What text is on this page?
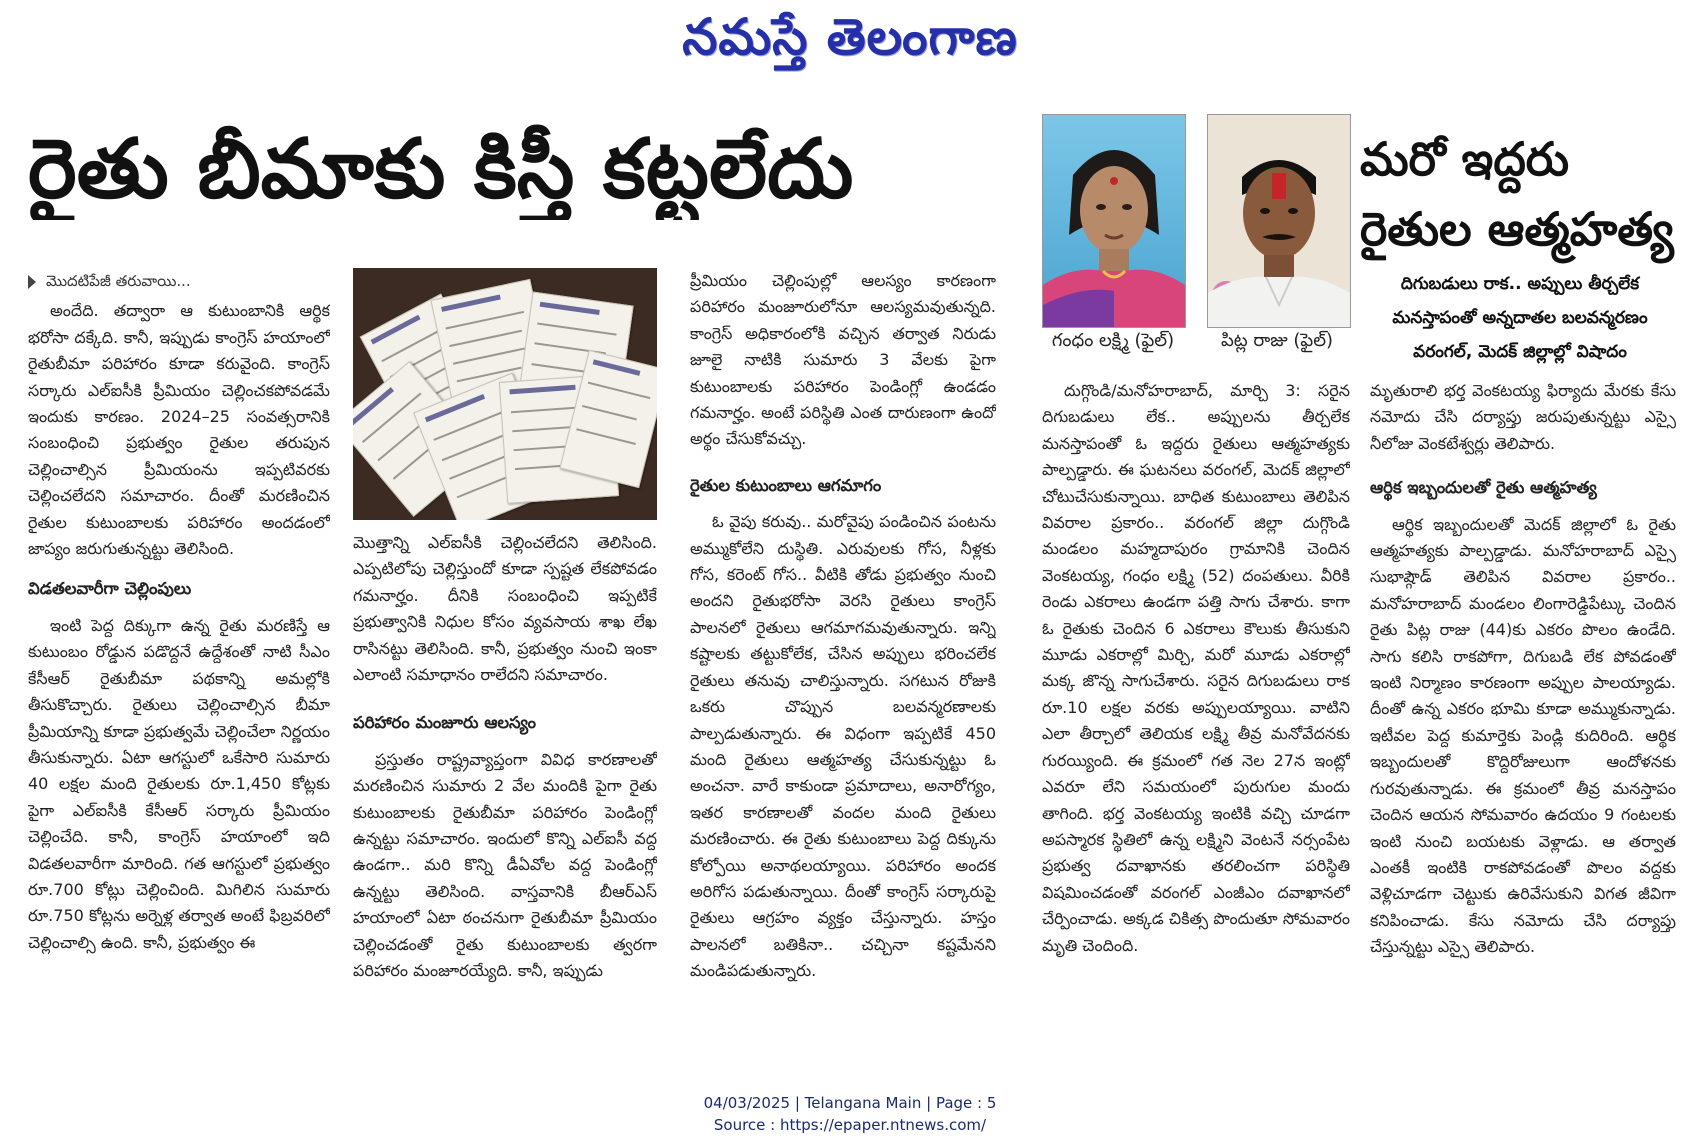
నమస్తే తెలంగాణ
రైతు బీమాకు కిస్తీ కట్టలేదు
మొదటిపేజీ తరువాయి...

అందేది. తద్వారా ఆ కుటుంబానికి ఆర్థిక భరోసా దక్కేది. కానీ, ఇప్పుడు కాంగ్రెస్ హయాంలో రైతుబీమా పరిహారం కూడా కరువైంది. కాంగ్రెస్ సర్కారు ఎల్ఐసీకి ప్రీమియం చెల్లించకపోవడమే ఇందుకు కారణం. 2024–25 సంవత్సరానికి సంబంధించి ప్రభుత్వం రైతుల తరుపున చెల్లించాల్సిన ప్రీమియంను ఇప్పటివరకు చెల్లించలేదని సమాచారం. దీంతో మరణించిన రైతుల కుటుంబాలకు పరిహారం అందడంలో జాప్యం జరుగుతున్నట్టు తెలిసింది.

విడతలవారీగా చెల్లింపులు

ఇంటి పెద్ద దిక్కుగా ఉన్న రైతు మరణిస్తే ఆ కుటుంబం రోడ్డున పడొద్దనే ఉద్దేశంతో నాటి సీఎం కేసీఆర్ రైతుబీమా పథకాన్ని అమల్లోకి తీసుకొచ్చారు. రైతులు చెల్లించాల్సిన బీమా ప్రీమియాన్ని కూడా ప్రభుత్వమే చెల్లించేలా నిర్ణయం తీసుకున్నారు. ఏటా ఆగస్టులో ఒకేసారి సుమారు 40 లక్షల మంది రైతులకు రూ.1,450 కోట్లకు పైగా ఎల్ఐసీకి కేసీఆర్ సర్కారు ప్రీమియం చెల్లించేది. కానీ, కాంగ్రెస్ హయాంలో ఇది విడతలవారీగా మారింది. గత ఆగస్టులో ప్రభుత్వం రూ.700 కోట్లు చెల్లించింది. మిగిలిన సుమారు రూ.750 కోట్లను అర్నెళ్ల తర్వాత అంటే ఫిబ్రవరిలో చెల్లించాల్సి ఉంది. కానీ, ప్రభుత్వం ఈ

మొత్తాన్ని ఎల్ఐసీకి చెల్లించలేదని తెలిసింది. ఎప్పటిలోపు చెల్లిస్తుందో కూడా స్పష్టత లేకపోవడం గమనార్హం. దీనికి సంబంధించి ఇప్పటికే ప్రభుత్వానికి నిధుల కోసం వ్యవసాయ శాఖ లేఖ రాసినట్టు తెలిసింది. కానీ, ప్రభుత్వం నుంచి ఇంకా ఎలాంటి సమాధానం రాలేదని సమాచారం.

పరిహారం మంజూరు ఆలస్యం

ప్రస్తుతం రాష్ట్రవ్యాప్తంగా వివిధ కారణాలతో మరణించిన సుమారు 2 వేల మందికి పైగా రైతు కుటుంబాలకు రైతుబీమా పరిహారం పెండింగ్లో ఉన్నట్టు సమాచారం. ఇందులో కొన్ని ఎల్ఐసీ వద్ద ఉండగా.. మరి కొన్ని డీఏవోల వద్ద పెండింగ్లో ఉన్నట్టు తెలిసింది. వాస్తవానికి బీఆర్ఎస్ హయాంలో ఏటా ఠంచనుగా రైతుబీమా ప్రీమియం చెల్లించడంతో రైతు కుటుంబాలకు త్వరగా పరిహారం మంజూరయ్యేది. కానీ, ఇప్పుడు

ప్రీమియం చెల్లింపుల్లో ఆలస్యం కారణంగా పరిహారం మంజూరులోనూ ఆలస్యమవుతున్నది. కాంగ్రెస్ అధికారంలోకి వచ్చిన తర్వాత నిరుడు జూలై నాటికి సుమారు 3 వేలకు పైగా కుటుంబాలకు పరిహారం పెండింగ్లో ఉండడం గమనార్హం. అంటే పరిస్థితి ఎంత దారుణంగా ఉందో అర్థం చేసుకోవచ్చు.

రైతుల కుటుంబాలు ఆగమాగం

ఓ వైపు కరువు.. మరోవైపు పండించిన పంటను అమ్ముకోలేని దుస్థితి. ఎరువులకు గోస, నీళ్లకు గోస, కరెంట్ గోస.. వీటికి తోడు ప్రభుత్వం నుంచి అందని రైతుభరోసా వెరసి రైతులు కాంగ్రెస్ పాలనలో రైతులు ఆగమాగమవుతున్నారు. ఇన్ని కష్టాలకు తట్టుకోలేక, చేసిన అప్పులు భరించలేక రైతులు తనువు చాలిస్తున్నారు. సగటున రోజుకి ఒకరు చొప్పున బలవన్మరణాలకు పాల్పడుతున్నారు. ఈ విధంగా ఇప్పటికే 450 మంది రైతులు ఆత్మహత్య చేసుకున్నట్టు ఓ అంచనా. వారే కాకుండా ప్రమాదాలు, అనారోగ్యం, ఇతర కారణాలతో వందల మంది రైతులు మరణించారు. ఈ రైతు కుటుంబాలు పెద్ద దిక్కును కోల్పోయి అనాథలయ్యాయి. పరిహారం అందక అరిగోస పడుతున్నాయి. దీంతో కాంగ్రెస్ సర్కారుపై రైతులు ఆగ్రహం వ్యక్తం చేస్తున్నారు. హస్తం పాలనలో బతికినా.. చచ్చినా కష్టమేనని మండిపడుతున్నారు.

గంధం లక్ష్మి (ఫైల్)	పిట్ల రాజు (ఫైల్)
మరో ఇద్దరు
రైతుల ఆత్మహత్య
దిగుబడులు రాక.. అప్పులు తీర్చలేక
మనస్తాపంతో అన్నదాతల బలవన్మరణం
వరంగల్, మెదక్ జిల్లాల్లో విషాదం

దుగ్గొండి/మనోహరాబాద్, మార్చి 3: సరైన దిగుబడులు లేక.. అప్పులను తీర్చలేక మనస్తాపంతో ఓ ఇద్దరు రైతులు ఆత్మహత్యకు పాల్పడ్డారు. ఈ ఘటనలు వరంగల్, మెదక్ జిల్లాలో చోటుచేసుకున్నాయి. బాధిత కుటుంబాలు తెలిపిన వివరాల ప్రకారం.. వరంగల్ జిల్లా దుగ్గొండి మండలం మహ్మదాపురం గ్రామానికి చెందిన వెంకటయ్య, గంధం లక్ష్మి (52) దంపతులు. వీరికి రెండు ఎకరాలు ఉండగా పత్తి సాగు చేశారు. కాగా ఓ రైతుకు చెందిన 6 ఎకరాలు కౌలుకు తీసుకుని మూడు ఎకరాల్లో మిర్చి, మరో మూడు ఎకరాల్లో మక్క జొన్న సాగుచేశారు. సరైన దిగుబడులు రాక రూ.10 లక్షల వరకు అప్పులయ్యాయి. వాటిని ఎలా తీర్చాలో తెలియక లక్ష్మి తీవ్ర మనోవేదనకు గురయ్యింది. ఈ క్రమంలో గత నెల 27న ఇంట్లో ఎవరూ లేని సమయంలో పురుగుల మందు తాగింది. భర్త వెంకటయ్య ఇంటికి వచ్చి చూడగా అపస్మారక స్థితిలో ఉన్న లక్ష్మిని వెంటనే నర్సంపేట ప్రభుత్వ దవాఖానకు తరలించగా పరిస్థితి విషమించడంతో వరంగల్ ఎంజీఎం దవాఖానలో చేర్పించాడు. అక్కడ చికిత్స పొందుతూ సోమవారం మృతి చెందింది.

మృతురాలి భర్త వెంకటయ్య ఫిర్యాదు మేరకు కేసు నమోదు చేసి దర్యాప్తు జరుపుతున్నట్టు ఎస్సై నీలోజు వెంకటేశ్వర్లు తెలిపారు.

ఆర్థిక ఇబ్బందులతో రైతు ఆత్మహత్య

ఆర్థిక ఇబ్బందులతో మెదక్ జిల్లాలో ఓ రైతు ఆత్మహత్యకు పాల్పడ్డాడు. మనోహరాబాద్ ఎస్సై సుభాష్గౌడ్ తెలిపిన వివరాల ప్రకారం.. మనోహరాబాద్ మండలం లింగారెడ్డిపేట్కు చెందిన రైతు పిట్ల రాజు (44)కు ఎకరం పొలం ఉండేది. సాగు కలిసి రాకపోగా, దిగుబడి లేక పోవడంతో ఇంటి నిర్మాణం కారణంగా అప్పుల పాలయ్యాడు. దీంతో ఉన్న ఎకరం భూమి కూడా అమ్ముకున్నాడు. ఇటీవల పెద్ద కుమార్తెకు పెండ్లి కుదిరింది. ఆర్థిక ఇబ్బందులతో కొద్దిరోజులుగా ఆందోళనకు గురవుతున్నాడు. ఈ క్రమంలో తీవ్ర మనస్తాపం చెందిన ఆయన సోమవారం ఉదయం 9 గంటలకు ఇంటి నుంచి బయటకు వెళ్లాడు. ఆ తర్వాత ఎంతకీ ఇంటికి రాకపోవడంతో పొలం వద్దకు వెళ్లిచూడగా చెట్టుకు ఉరివేసుకుని విగత జీవిగా కనిపించాడు. కేసు నమోదు చేసి దర్యాప్తు చేస్తున్నట్టు ఎస్సై తెలిపారు.

04/03/2025 | Telangana Main | Page : 5
Source : https://epaper.ntnews.com/
